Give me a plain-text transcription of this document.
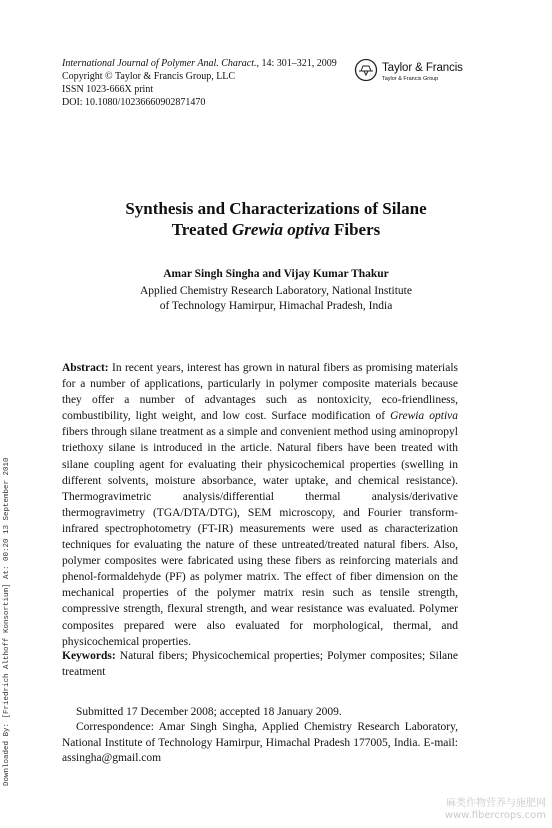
International Journal of Polymer Anal. Charact., 14: 301–321, 2009
Copyright © Taylor & Francis Group, LLC
ISSN 1023-666X print
DOI: 10.1080/10236660902871470
Taylor & Francis
Taylor & Francis Group
Synthesis and Characterizations of Silane
Treated Grewia optiva Fibers
Amar Singh Singha and Vijay Kumar Thakur
Applied Chemistry Research Laboratory, National Institute
of Technology Hamirpur, Himachal Pradesh, India

Abstract: In recent years, interest has grown in natural fibers as promising materials for a number of applications, particularly in polymer composite materials because they offer a number of advantages such as nontoxicity, eco-friendliness, combustibility, light weight, and low cost. Surface modification of Grewia optiva fibers through silane treatment as a simple and convenient method using aminopropyl triethoxy silane is introduced in the article. Natural fibers have been treated with silane coupling agent for evaluating their physicochemical properties (swelling in different solvents, moisture absorbance, water uptake, and chemical resistance). Thermogravimetric analysis/differential thermal analysis/derivative thermogravimetry (TGA/DTA/DTG), SEM microscopy, and Fourier transform-infrared spectrophotometry (FT-IR) measurements were used as characterization techniques for evaluating the nature of these untreated/treated natural fibers. Also, polymer composites were fabricated using these fibers as reinforcing materials and phenol-formaldehyde (PF) as polymer matrix. The effect of fiber dimension on the mechanical properties of the polymer matrix resin such as tensile strength, compressive strength, flexural strength, and wear resistance was evaluated. Polymer composites prepared were also evaluated for morphological, thermal, and physicochemical properties.

Keywords: Natural fibers; Physicochemical properties; Polymer composites; Silane treatment

Submitted 17 December 2008; accepted 18 January 2009.

Correspondence: Amar Singh Singha, Applied Chemistry Research Laboratory, National Institute of Technology Hamirpur, Himachal Pradesh 177005, India. E-mail: assingha@gmail.com

Downloaded By: [Friedrich Althoff Konsortium] At: 00:20 13 September 2010
麻类作物营养与施肥网
www.fibercrops.com
